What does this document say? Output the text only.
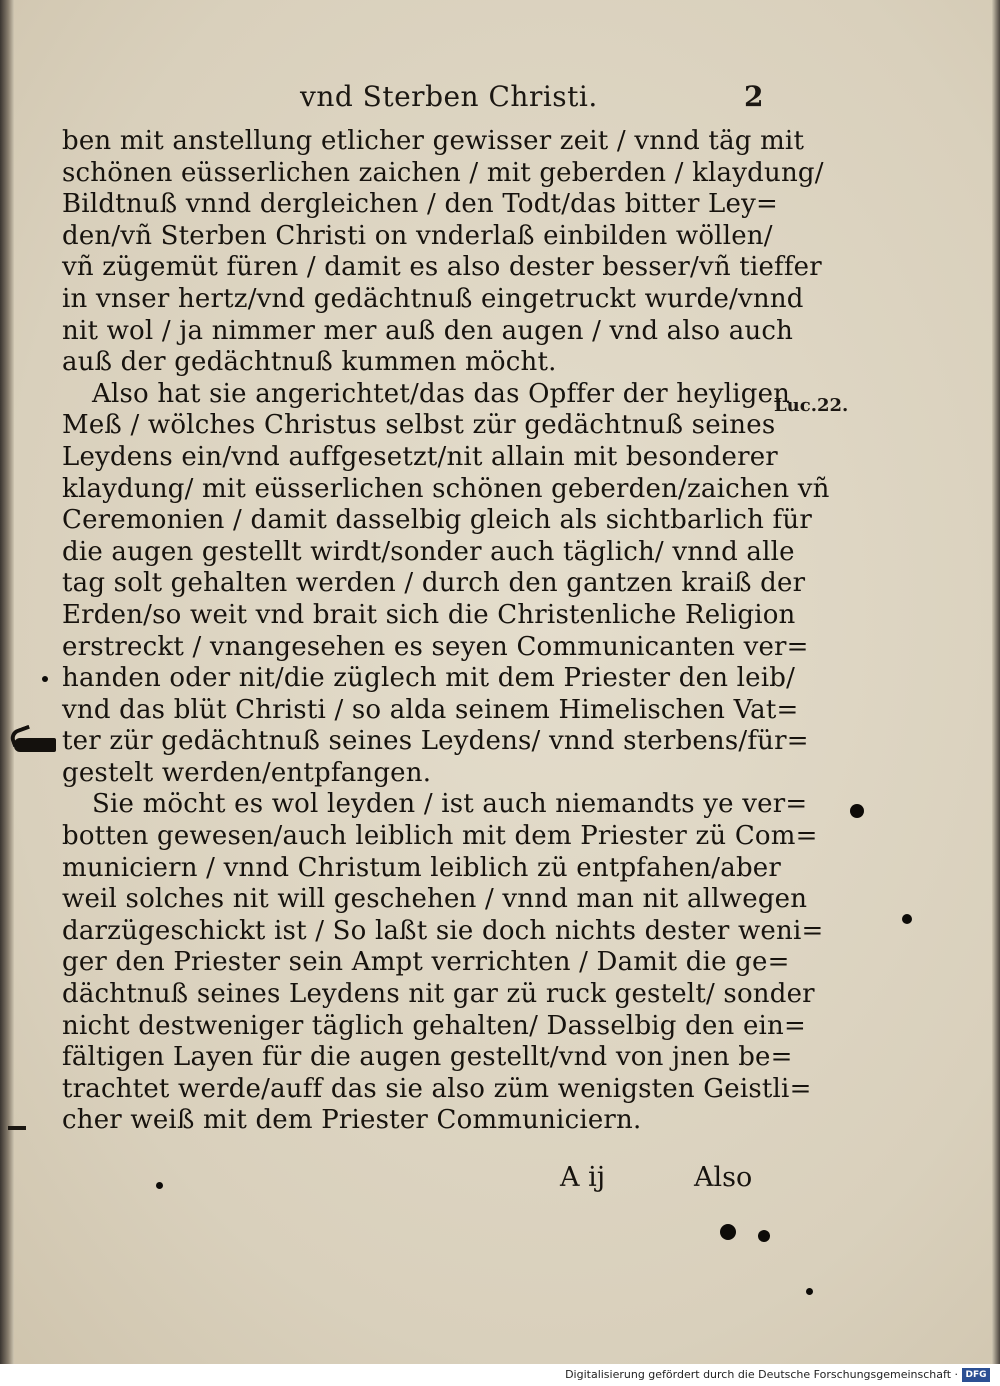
vnd Sterben Christi.	2
Luc.22.
ben mit anstellung etlicher gewisser zeit / vnnd täg mit
schönen eüsserlichen zaichen / mit geberden / klaydung/
Bildtnuß vnnd dergleichen / den Todt/das bitter Ley=
den/vñ Sterben Christi on vnderlaß einbilden wöllen/
vñ zügemüt füren / damit es also dester besser/vñ tieffer
in vnser hertz/vnd gedächtnuß eingetruckt wurde/vnnd
nit wol / ja nimmer mer auß den augen / vnd also auch
auß der gedächtnuß kummen möcht.
Also hat sie angerichtet/das das Opffer der heyligen
Meß / wölches Christus selbst zür gedächtnuß seines
Leydens ein/vnd auffgesetzt/nit allain mit besonderer
klaydung/ mit eüsserlichen schönen geberden/zaichen vñ
Ceremonien / damit dasselbig gleich als sichtbarlich für
die augen gestellt wirdt/sonder auch täglich/ vnnd alle
tag solt gehalten werden / durch den gantzen kraiß der
Erden/so weit vnd brait sich die Christenliche Religion
erstreckt / vnangesehen es seyen Communicanten ver=
handen oder nit/die züglech mit dem Priester den leib/
vnd das blüt Christi / so alda seinem Himelischen Vat=
ter zür gedächtnuß seines Leydens/ vnnd sterbens/für=
gestelt werden/entpfangen.
Sie möcht es wol leyden / ist auch niemandts ye ver=
botten gewesen/auch leiblich mit dem Priester zü Com=
municiern / vnnd Christum leiblich zü entpfahen/aber
weil solches nit will geschehen / vnnd man nit allwegen
darzügeschickt ist / So laßt sie doch nichts dester weni=
ger den Priester sein Ampt verrichten / Damit die ge=
dächtnuß seines Leydens nit gar zü ruck gestelt/ sonder
nicht destweniger täglich gehalten/ Dasselbig den ein=
fältigen Layen für die augen gestellt/vnd von jnen be=
trachtet werde/auff das sie also züm wenigsten Geistli=
cher weiß mit dem Priester Communiciern.
A ij	Also
Digitalisierung gefördert durch die Deutsche Forschungsgemeinschaft · DFG
